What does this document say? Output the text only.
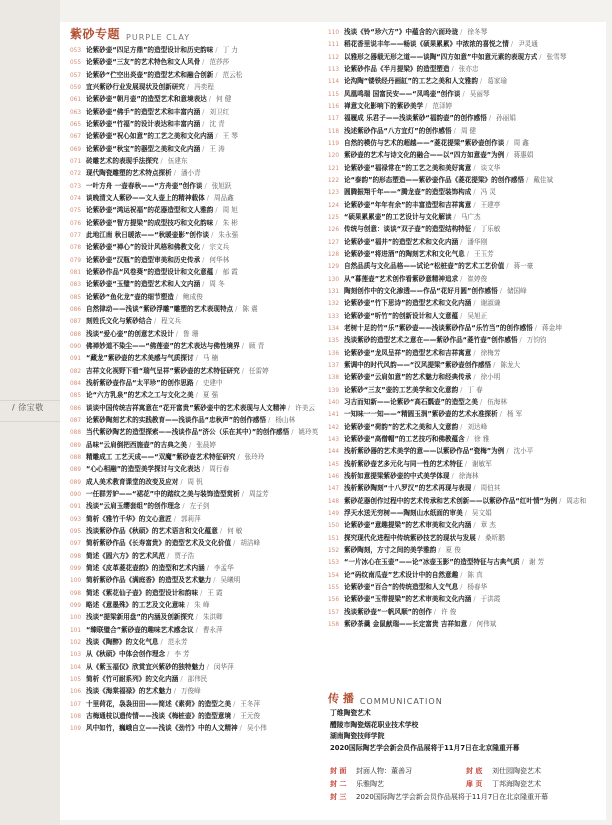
/ 徐宝敬
紫砂专题 PURPLE CLAY
053 论紫砂壶“四足方鼎”的造型设计和历史韵味 / 丁 力
055 论紫砂壶“三友”的艺术特色和文人风骨 / 范莎莎
057 论紫砂“伫空出炎壶”的造型艺术和融合创新 / 范云松
059 宜兴紫砂行业发展现状及创新研究 / 冯奕程
061 论紫砂壶“朝月壶”的造型艺术和意境表达 / 何 健
063 论紫砂壶“佛手”的造型艺术和丰富内涵 / 刘卫红
065 论紫砂壶“竹福”的设计表达和丰富内涵 / 沈 青
067 论紫砂壶“祝心如意”的工艺之美和文化内涵 / 王 琴
069 论紫砂壶“秋宝”的器型之美和文化内涵 / 王 涛
071 砖雕艺术的表现手法探究 / 伍建东
072 现代陶瓷雕塑的艺术特点探析 / 潘小青
073 一叶方舟 一壶春秋——“方舟壶”创作谈 / 张旭跃
074 谈晚清文人紫砂——文人壶上的精神载体 / 周品鑫
075 论紫砂壶“鸿运祝福”的花器造型和文人雅韵 / 周 旭
076 论紫砂壶“智方提梁”的成型技巧和文化韵味 / 朱 彬
077 此地江南 秋日暖浓——“秋暖壶影”创作谈 / 朱永强
078 论紫砂壶“禅心”的设计风格和佛教文化 / 宗文兵
079 论紫砂壶“汉瓶”的造型审美和历史传承 / 何华林
081 论紫砂作品“风卷葵”的造型设计和文化意蕴 / 郁 霞
083 论紫砂壶“玉璧”的造型艺术和人文内涵 / 周 冬
085 论紫砂“鱼化龙”壶的细节塑造 / 鲍成俊
086 自然律动——浅谈“紫砂浮雕”雕塑的艺术表现特点 / 陈 震
087 刻姓氏文化与紫砂结合 / 程文兵
088 浅谈“爱心壶”的创意艺术设计 / 鲁 珊
090 佛禅妙道不染尘——“佛莲壶”的艺术表达与佛性境界 / 顾 青
091 “藏龙”紫砂壶的艺术美感与气质探讨 / 马 楠
082 吉祥文化视野下看“瑞气呈祥”紫砂壶的艺术特征研究 / 任雷婷
084 浅析紫砂壶作品“太平珍”的创作思路 / 史建中
085 论“六方乳泉”的艺术之工与文化之美 / 夏 强
086 谈谈中国传统吉祥寓意在“花开富贵”紫砂壶中的艺术表现与人文精神 / 许美云
087 论紫砂陶刻艺术的实践教育——浅谈作品“忠秋声”的创作感悟 / 杨山林
088 当代紫砂陶艺的造型探索——浅谈作品“济公（乐在其中）”的创作感悟 / 姚玲英
089 品味“云肩倒把西施壶”的古典之美 / 张晨婷
088 精雕成工 工艺天成——“双魔”紫砂壶艺术特征研究 / 张玲玲
089 “心心相融”的造型美学探讨与文化表达 / 周行春
089 成人美术教育课堂的改变及应对 / 周 钒
090 一任群芳妒——“裙花”中的踏纹之美与装饰造型赏析 / 周益芳
091 浅谈“云肩玉缨套组”的创作理念 / 左子剑
093 简析《雅竹千华》的文心意匠 / 郭莉萍
095 浅谈紫砂作品《秋硕》的艺术语言和文化蕴意 / 何 敏
097 简析紫砂作品《长寿富贵》的造型艺术及文化价值 / 胡洁峰
098 简述《圆六方》的艺术风范 / 贾子浩
099 简述《皮革菱花壶韵》的造型和艺术内涵 / 李孟华
100 简析紫砂作品《满庭香》的造型及艺术魅力 / 吴曦明
098 简述《紫花仙子壶》的造型设计和韵味 / 王 霞
099 略述《意墨殊》的工艺及文化意味 / 朱 峰
100 浅谈“提梁新用盘”的内涵及创新探究 / 朱洪卿
101 “臻联璧合”紫砂壶的趣味艺术感念议 / 曹永萍
102 浅谈《陶醉》的文化气息 / 范永芳
103 从《秋硕》中体会创作理念 / 李 芳
104 从《紫玉福仪》欣赏宜兴紫砂的独特魅力 / 闵华萍
105 简析《竹可耐系列》的文化内涵 / 邵伟民
106 浅谈《海棠福禄》的艺术魅力 / 万俊峰
107 十里荷花，袅袅田田——简述《素荷》的造型之美 / 王冬萍
108 古梅通枝以遗传情——浅谈《梅桩壶》的造型意境 / 王元俊
109 风中如竹，巍峨自立——浅谈《劲竹》中的人文精神 / 吴小伟
110 浅谈《铃“珍六方”》中蕴含的六面玲珑 / 徐冬琴
111 稻花香里说丰年——畅谈《硕果累累》中浓浓的喜悦之情 / 尹灵通
112 以雅形之器载无形之道——谈陶“四方如意”中如意元素的表现方式 / 张雪琴
113 论紫砂作品《半月提梁》的造型塑造 / 张亦忠
114 论沟陶“镂铁经丹画缸”的工艺之美和人文雅韵 / 葛家瑜
115 凤凰鸣瑞 国富民安——“凤鸣壶”创作谈 / 吴丽琴
116 禅意文化影响下的紫砂美学 / 范泽婷
117 福履成 乐君子——浅谈紫砂“福韵壶”的创作感悟 / 孙丽娟
118 浅述紫砂作品“八方宜灯”的创作感悟 / 周 健
119 自然的模仿与艺术的超越——“菱花提梁”紫砂壶创作谈 / 周 鑫
120 紫砂壶的艺术与诗文化的融合——以“四方如意壶”为例 / 蒋惠娟
121 论紫砂壶“福禄常在”的工艺之美和美好寓意 / 谈文华
122 论“泰韵”的形态塑造——紫砂壶作品《菱花提梁》的创作感悟 / 戴佳斌
123 圆腾振翔千年——“腾龙壶”的造型装饰构成 / 冯 灵
124 论紫砂壶“年年有余”的丰富造型和吉祥寓意 / 王建亭
125 “硕果累累壶”的工艺设计与文化解读 / 马广杰
126 传统与创意：谈谈“双子壶”的造型结构特征 / 丁乐敏
127 论紫砂壶“福井”的造型艺术和文化内涵 / 潘华刚
128 论紫砂壶“将进酒”的陶刻艺术和文化气息 / 王玉芳
129 自然品质与文化品格——试论“松桩壶”的艺术工艺价值 / 蒋一豪
130 从“暮莲壶”艺术创作看紫砂意精神追求 / 崔婷俊
131 陶刻创作中的文化渗透——作品“花好月圆”创作感悟 / 储国峰
132 论紫砂壶“竹下思诗”的造型艺术和文化内涵 / 谢淑谦
133 论紫砂壶“听竹”的创新设计和人文意蕴 / 吴旭正
134 老树十足的竹“乐”紫砂壶——浅谈紫砂作品“乐竹当”的创作感悟 / 蒋金坤
135 浅谈紫砂的造型艺术之意在——紫砂作品“菱竹壶”创作感悟 / 万钧钧
136 论紫砂壶“龙凤呈祥”的造型艺术和吉祥寓意 / 徐梅芳
137 紫调中的时代风韵——“汉风提梁”紫砂壶创作感悟 / 陈龙大
138 论紫砂壶“云肩如意”的艺术魅力和经典传承 / 徐小明
139 论紫砂“三友”壶的工艺美学和文化意韵 / 丁 春
140 习古而知新——论紫砂“高石瓢壶”的造型之美 / 伍海林
141 一知味一一知——“精圆玉润”紫砂壶的艺术水准探析 / 杨 军
142 论紫砂壶“荷韵”的艺术之美和人文意韵 / 刘达峰
143 论紫砂壶“高僧帽”的工艺技巧和佛教蕴含 / 徐 雅
144 浅析紫砂器的艺术美学的意——以紫砂作品“瓷梅”为例 / 沈小平
145 浅析紫砂壶艺多元化与同一性的艺术特征 / 谢敏军
146 浅析如意提梁紫砂壶的中式美学体现 / 徐海林
147 浅析紫砂陶刻“十八罗汉”的艺术再现与表现 / 周伯其
148 紫砂花器创作过程中的艺术传承和艺术创新——以紫砂作品“红叶情”为例 / 周志和
149 浮天水送无穷树——陶刻山水纸面的审美 / 吴文娟
150 论紫砂壶“意趣提梁”的艺术审美和文化内涵 / 章 杰
151 探究现代化进程中传统紫砂技艺的现状与发展 / 桑昕鹏
152 紫砂陶刻，方寸之间的美学雅韵 / 夏 俊
153 “一片冰心在玉壶”——论“冰壶玉影”的造型特征与古典气质 / 谢 芳
154 论“码纹南瓜壶”艺术设计中的自然意趣 / 陈 真
155 论紫砂壶“百合”的传统造型和人文气息 / 杨春华
156 论紫砂壶“玉带提梁”的艺术审美和文化内涵 / 于洪霞
157 浅谈紫砂壶“一帆风顺”的创作 / 许 俊
158 紫砂茶羹 金鼠献瑞——长定富贵 吉祥如意 / 何伟斌
传 播 COMMUNICATION
丁维陶瓷艺术
醴陵市陶瓷烟花职业技术学校
湖南陶瓷技师学院
2020国际陶艺学会新会员作品展将于11月7日在北京隆重开幕
封 面	封面人物：董善习	封 底	刘仕园陶瓷艺术
封 二	乐雅陶艺	扉 页	丁邦海陶瓷艺术
封 三	2020国际陶艺学会新会员作品展将于11月7日在北京隆重开幕
